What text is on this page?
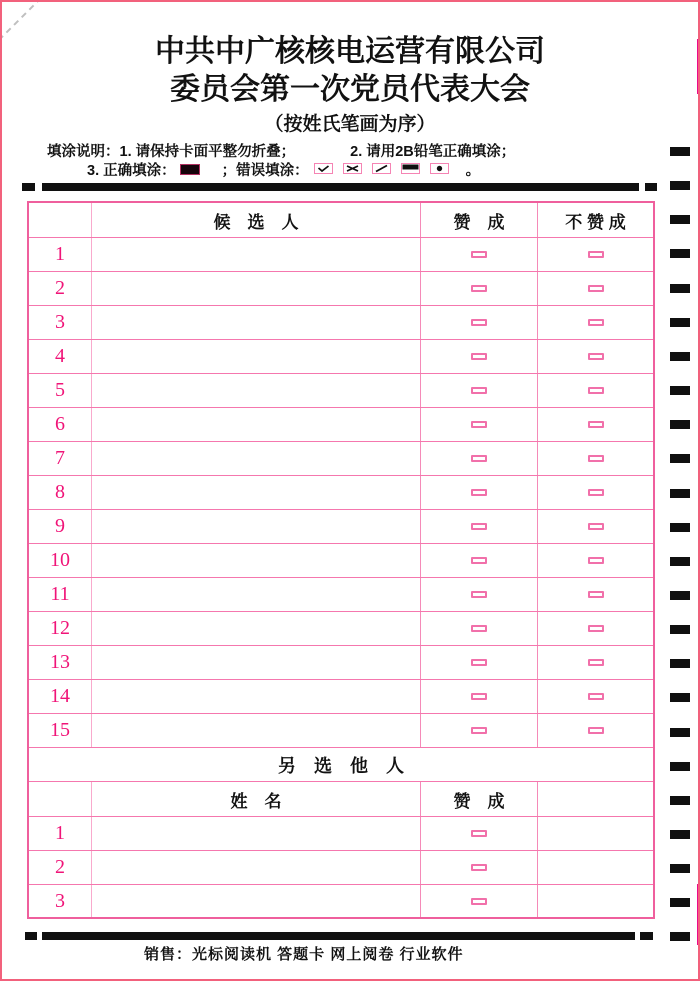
中共中广核核电运营有限公司
委员会第一次党员代表大会
（按姓氏笔画为序）
填涂说明： 1. 请保持卡面平整勿折叠；	2. 请用2B铅笔正确填涂；
3. 正确填涂：	；错误填涂：	。
候　选　人	赞　成	不 赞 成
1
2
3
4
5
6
7
8
9
10
11
12
13
14
15
另　选　他　人
姓　名	赞　成
1
2
3
销售：光标阅读机 答题卡 网上阅卷 行业软件
